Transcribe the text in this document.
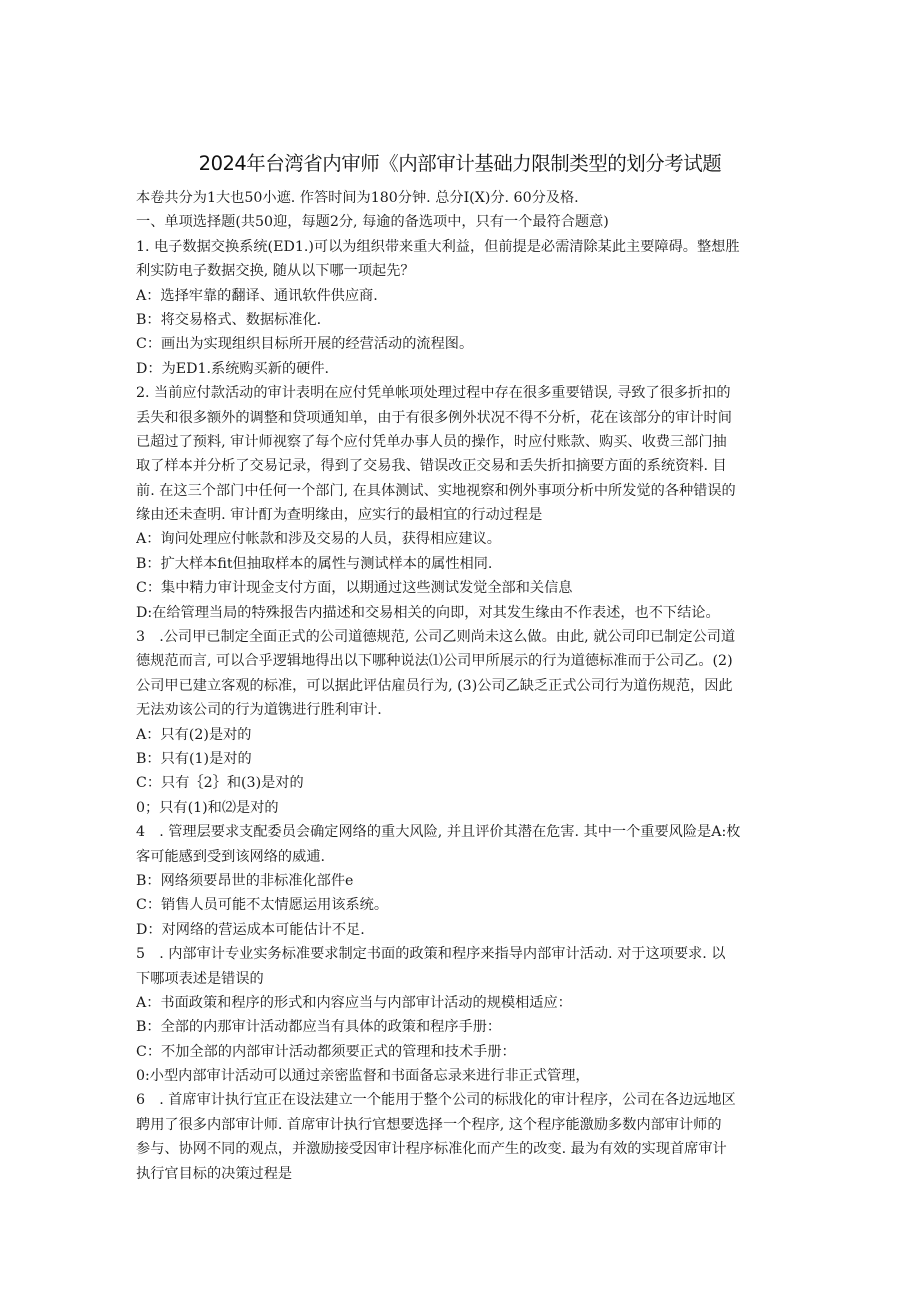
2024年台湾省内审师《内部审计基础力限制类型的划分考试题
本卷共分为1大也50小遮. 作答时间为180分钟. 总分I(X)分. 60分及格.
一、单项选择题(共50迎，每题2分, 每逾的备选项中，只有一个最符合题意)
1. 电子数据交换系统(ED1.)可以为组织带来重大利益，但前提是必需清除某此主要障碍。整想胜
利实防电子数据交换, 随从以下哪一项起先？
A：选择牢靠的翻译、通讯软件供应商.
B：将交易格式、数据标准化.
C：画出为实现组织目标所开展的经营活动的流程图。
D：为ED1.系统购买新的硬件.
2. 当前应付款活动的审计表明在应付凭单帐项处理过程中存在很多重要错误, 寻致了很多折扣的
丢失和很多额外的调整和贷项通知单，由于有很多例外状况不得不分析，花在该部分的审计时间
已超过了预料, 审计师视察了每个应付凭单办事人员的操作，时应付账款、购买、收费三部门抽
取了样本并分析了交易记录，得到了交易我、错误改正交易和丢失折扣摘要方面的系统资料. 目
前. 在这三个部门中任何一个部门, 在具体测试、实地视察和例外事项分析中所发觉的各种错误的
缘由还未查明. 审计酊为查明缘由，应实行的最相宜的行动过程是
A：询问处理应付帐款和涉及交易的人员，获得相应建议。
B：扩大样本fit但抽取样本的属性与测试样本的属性相同.
C：集中精力审计现金支付方面，以期通过这些测试发觉全部和关信息
D:在给管理当局的特殊报告内描述和交易相关的向即，对其发生缘由不作表述，也不下结论。
3　.公司甲已制定全面正式的公司道德规范, 公司乙则尚未这么做。由此, 就公司印已制定公司道
德规范而言, 可以合乎逻辑地得出以下哪种说法⑴公司甲所展示的行为道德标准而于公司乙。(2)
公司甲已建立客观的标准，可以据此评估雇员行为, (3)公司乙缺乏正式公司行为道伤规范，因此
无法劝该公司的行为道镌进行胜利审计.
A：只有(2)是对的
B：只有(1)是对的
C：只有｛2｝和(3)是对的
0；只有(1)和⑵是对的
4　. 管理层要求支配委员会确定网络的重大风险, 并且评价其潜在危害. 其中一个重要风险是A:枚
客可能感到受到该网络的威逋.
B：网络须要昂世的非标准化部件e
C：销售人员可能不太情愿运用该系统。
D：对网络的营运成本可能估计不足.
5　. 内部审计专业实务标准要求制定书面的政策和程序来指导内部审计活动. 对于这项要求. 以
下哪项表述是错误的
A：书面政策和程序的形式和内容应当与内部审计活动的规模相适应：
B：全部的内那审计活动都应当有具体的政策和程序手册：
C：不加全部的内部审计活动都须要正式的管理和技术手册：
0:小型内部审计活动可以通过亲密监督和书面备忘录来进行非正式管理，
6　. 首席审计执行宜正在设法建立一个能用于整个公司的标戕化的审计程序，公司在各边远地区
聘用了很多内部审计师. 首席审计执行官想要选择一个程序, 这个程序能激励多数内部审计师的
参与、协网不同的观点，并激励接受因审计程序标准化而产生的改变. 最为有效的实现首席审计
执行官目标的决策过程是
